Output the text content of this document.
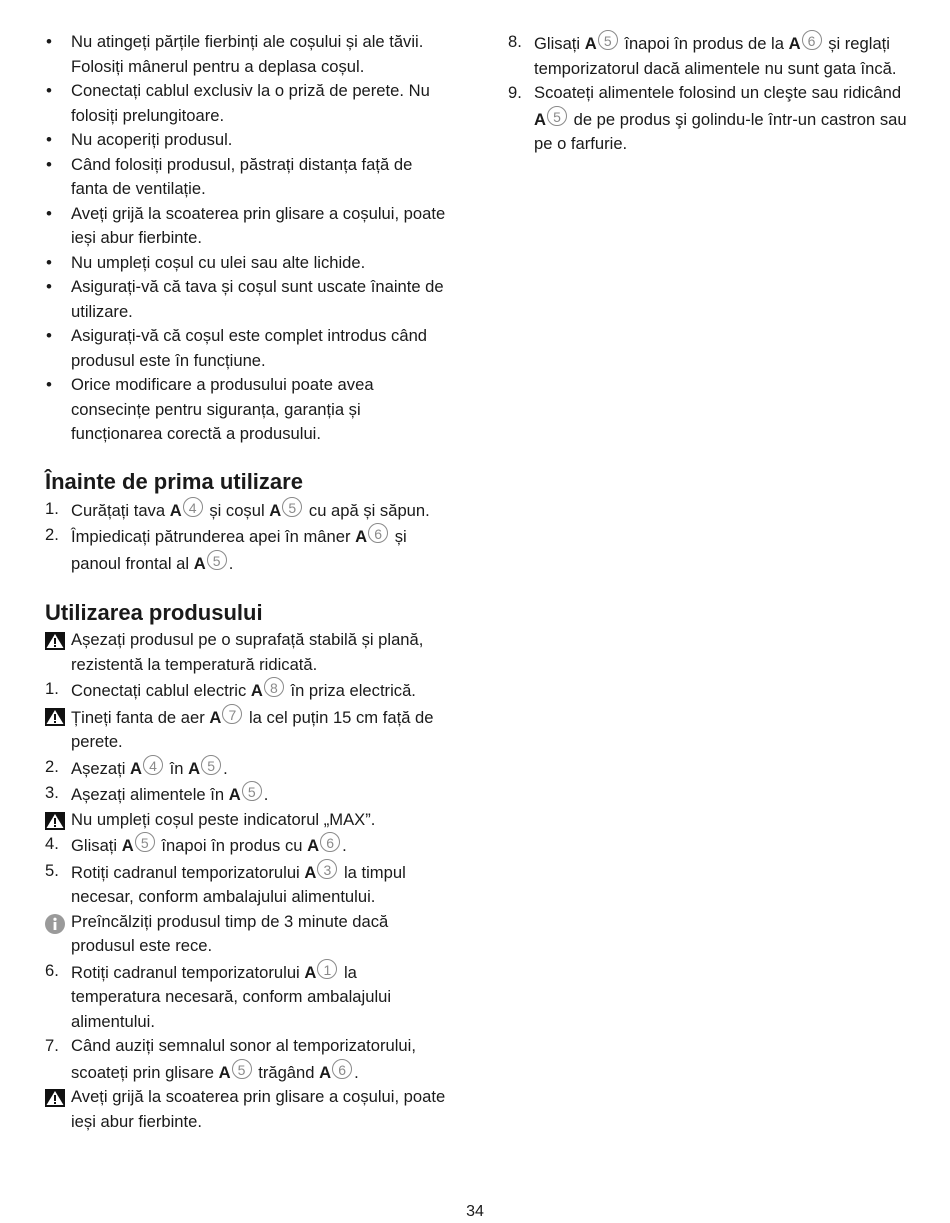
•	Nu atingeți părțile fierbinți ale coșului și ale tăvii. Folosiți mânerul pentru a deplasa coșul.
•	Conectați cablul exclusiv la o priză de perete. Nu folosiți prelungitoare.
•	Nu acoperiți produsul.
•	Când folosiți produsul, păstrați distanța față de fanta de ventilație.
•	Aveți grijă la scoaterea prin glisare a coșului, poate ieși abur fierbinte.
•	Nu umpleți coșul cu ulei sau alte lichide.
•	Asigurați-vă că tava și coșul sunt uscate înainte de utilizare.
•	Asigurați-vă că coșul este complet introdus când produsul este în funcțiune.
•	Orice modificare a produsului poate avea consecințe pentru siguranța, garanția și funcționarea corectă a produsului.
Înainte de prima utilizare
1. Curățați tava A 4 și coșul A 5 cu apă și săpun.
2. Împiedicați pătrunderea apei în mâner A 6 și panoul frontal al A 5 .
Utilizarea produsului
Așezați produsul pe o suprafață stabilă și plană, rezistentă la temperatură ridicată.
1. Conectați cablul electric A 8 în priza electrică.
Țineți fanta de aer A 7 la cel puțin 15 cm față de perete.
2. Așezați A 4 în A 5 .
3. Așezați alimentele în A 5 .
Nu umpleți coșul peste indicatorul „MAX”.
4. Glisați A 5 înapoi în produs cu A 6 .
5. Rotiți cadranul temporizatorului A 3 la timpul necesar, conform ambalajului alimentului.
Preîncălziți produsul timp de 3 minute dacă produsul este rece.
6. Rotiți cadranul temporizatorului A 1 la temperatura necesară, conform ambalajului alimentului.
7. Când auziți semnalul sonor al temporizatorului, scoateți prin glisare A 5 trăgând A 6 .
Aveți grijă la scoaterea prin glisare a coșului, poate ieși abur fierbinte.
8. Glisați A 5 înapoi în produs de la A 6 și reglați temporizatorul dacă alimentele nu sunt gata încă.
9. Scoateți alimentele folosind un cleşte sau ridicând A 5 de pe produs şi golindu-le într-un castron sau pe o farfurie.
34
